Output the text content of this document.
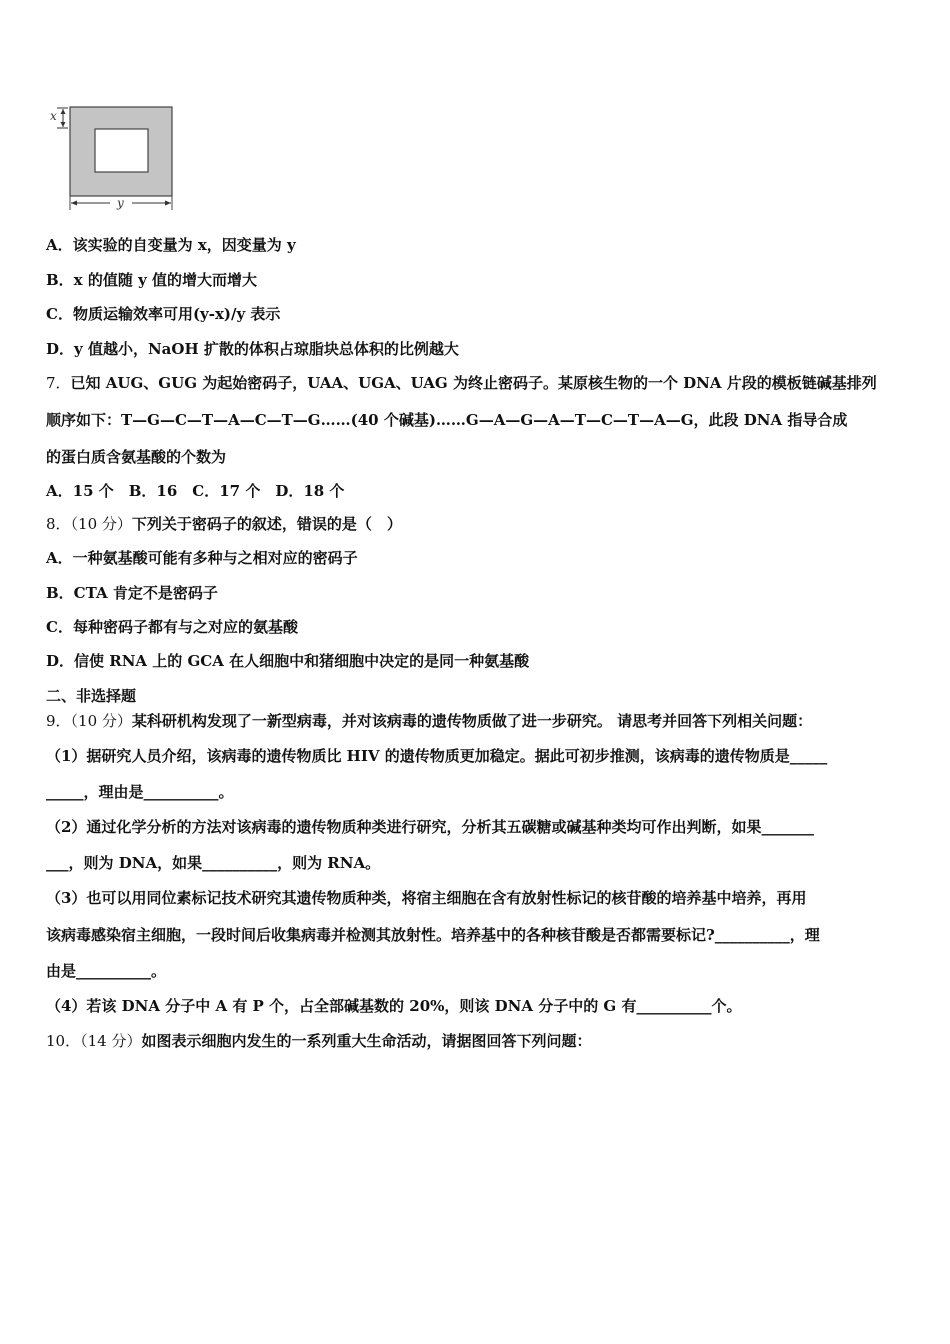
x
y
A．该实验的自变量为 x，因变量为 y
B．x 的值随 y 值的增大而增大
C．物质运输效率可用(y-x)/y 表示
D．y 值越小，NaOH 扩散的体积占琼脂块总体积的比例越大
7．已知 AUG、GUG 为起始密码子，UAA、UGA、UAG 为终止密码子。某原核生物的一个 DNA 片段的模板链碱基排列
顺序如下：T—G—C—T—A—C—T—G……(40 个碱基)……G—A—G—A—T—C—T—A—G，此段 DNA 指导合成
的蛋白质含氨基酸的个数为
A．15 个　B．16　C．17 个　D．18 个
8．（10 分）下列关于密码子的叙述，错误的是（　）
A．一种氨基酸可能有多种与之相对应的密码子
B．CTA 肯定不是密码子
C．每种密码子都有与之对应的氨基酸
D．信使 RNA 上的 GCA 在人细胞中和猪细胞中决定的是同一种氨基酸
二、非选择题
9．（10 分）某科研机构发现了一新型病毒，并对该病毒的遗传物质做了进一步研究。 请思考并回答下列相关问题：
（1）据研究人员介绍，该病毒的遗传物质比 HIV 的遗传物质更加稳定。据此可初步推测，该病毒的遗传物质是_____
_____，理由是__________。
（2）通过化学分析的方法对该病毒的遗传物质种类进行研究，分析其五碳糖或碱基种类均可作出判断，如果_______
___，则为 DNA，如果__________，则为 RNA。
（3）也可以用同位素标记技术研究其遗传物质种类，将宿主细胞在含有放射性标记的核苷酸的培养基中培养，再用
该病毒感染宿主细胞，一段时间后收集病毒并检测其放射性。培养基中的各种核苷酸是否都需要标记?__________，理
由是__________。
（4）若该 DNA 分子中 A 有 P 个，占全部碱基数的 20%，则该 DNA 分子中的 G 有__________个。
10．（14 分）如图表示细胞内发生的一系列重大生命活动，请据图回答下列问题：
